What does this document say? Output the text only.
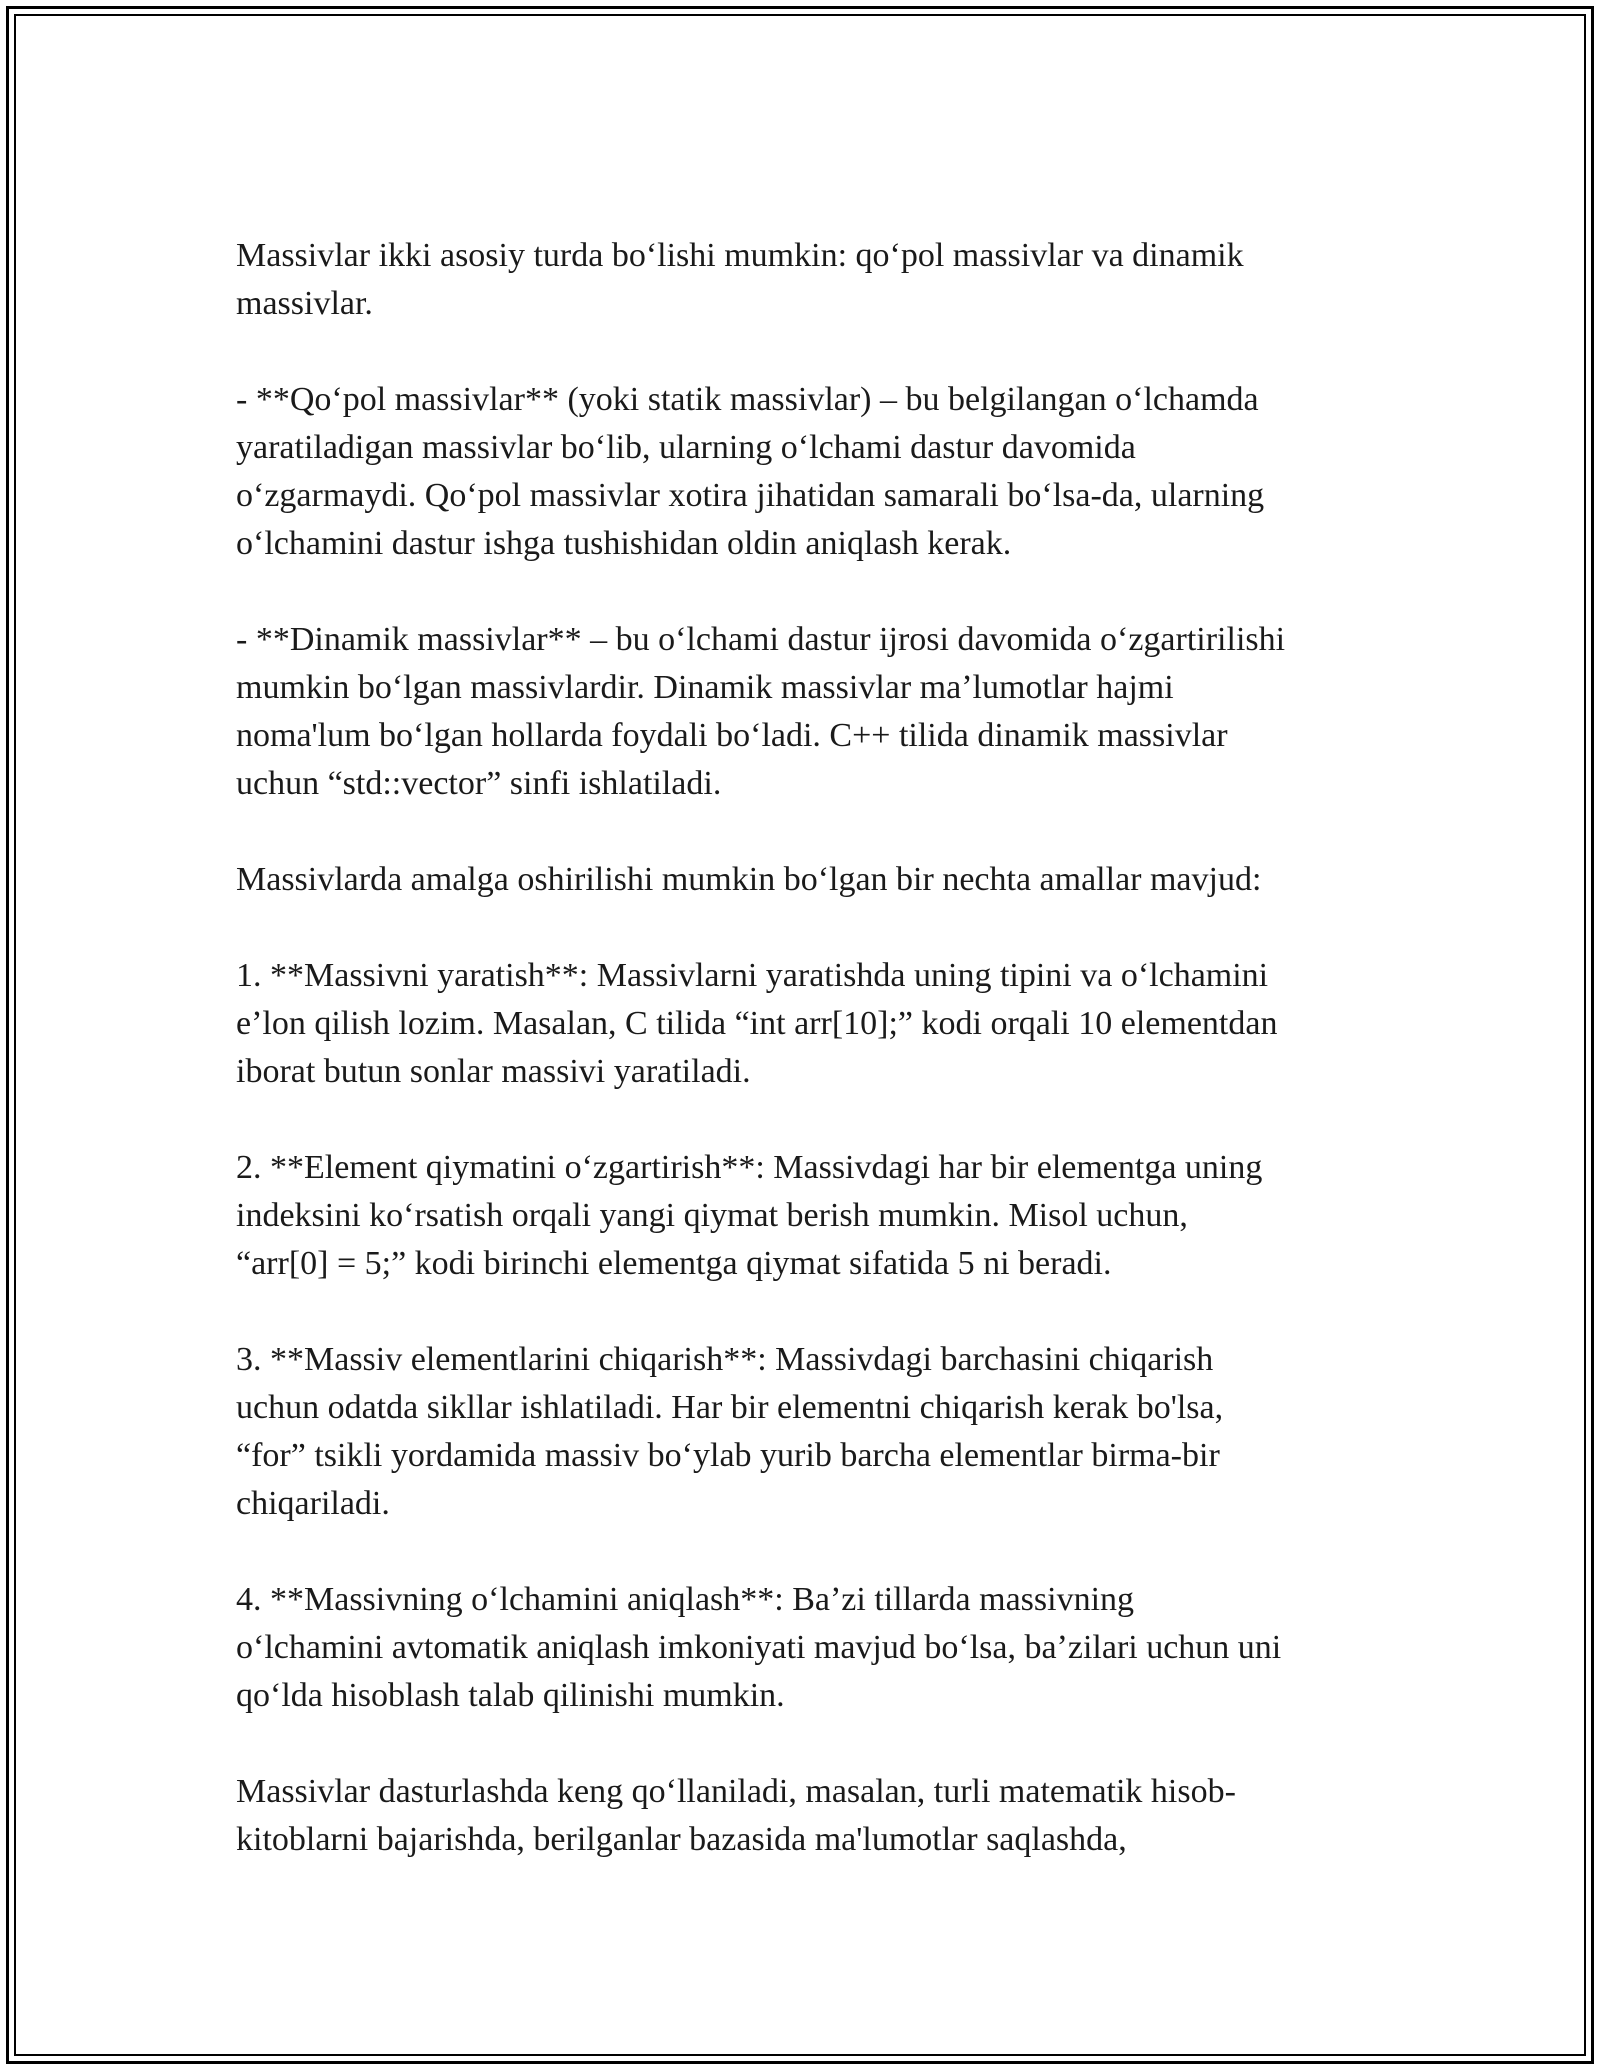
Massivlar ikki asosiy turda boʻlishi mumkin: qoʻpol massivlar va dinamik
massivlar.
- **Qoʻpol massivlar** (yoki statik massivlar) – bu belgilangan oʻlchamda
yaratiladigan massivlar boʻlib, ularning oʻlchami dastur davomida
oʻzgarmaydi. Qoʻpol massivlar xotira jihatidan samarali boʻlsa-da, ularning
oʻlchamini dastur ishga tushishidan oldin aniqlash kerak.
- **Dinamik massivlar** – bu oʻlchami dastur ijrosi davomida oʻzgartirilishi
mumkin boʻlgan massivlardir. Dinamik massivlar maʼlumotlar hajmi
noma'lum boʻlgan hollarda foydali boʻladi. C++ tilida dinamik massivlar
uchun “std::vector” sinfi ishlatiladi.
Massivlarda amalga oshirilishi mumkin boʻlgan bir nechta amallar mavjud:
1. **Massivni yaratish**: Massivlarni yaratishda uning tipini va oʻlchamini
eʼlon qilish lozim. Masalan, C tilida “int arr[10];” kodi orqali 10 elementdan
iborat butun sonlar massivi yaratiladi.
2. **Element qiymatini oʻzgartirish**: Massivdagi har bir elementga uning
indeksini koʻrsatish orqali yangi qiymat berish mumkin. Misol uchun,
“arr[0] = 5;” kodi birinchi elementga qiymat sifatida 5 ni beradi.
3. **Massiv elementlarini chiqarish**: Massivdagi barchasini chiqarish
uchun odatda sikllar ishlatiladi. Har bir elementni chiqarish kerak bo'lsa,
“for” tsikli yordamida massiv boʻylab yurib barcha elementlar birma-bir
chiqariladi.
4. **Massivning oʻlchamini aniqlash**: Baʼzi tillarda massivning
oʻlchamini avtomatik aniqlash imkoniyati mavjud boʻlsa, baʼzilari uchun uni
qoʻlda hisoblash talab qilinishi mumkin.
Massivlar dasturlashda keng qoʻllaniladi, masalan, turli matematik hisob-
kitoblarni bajarishda, berilganlar bazasida ma'lumotlar saqlashda,
